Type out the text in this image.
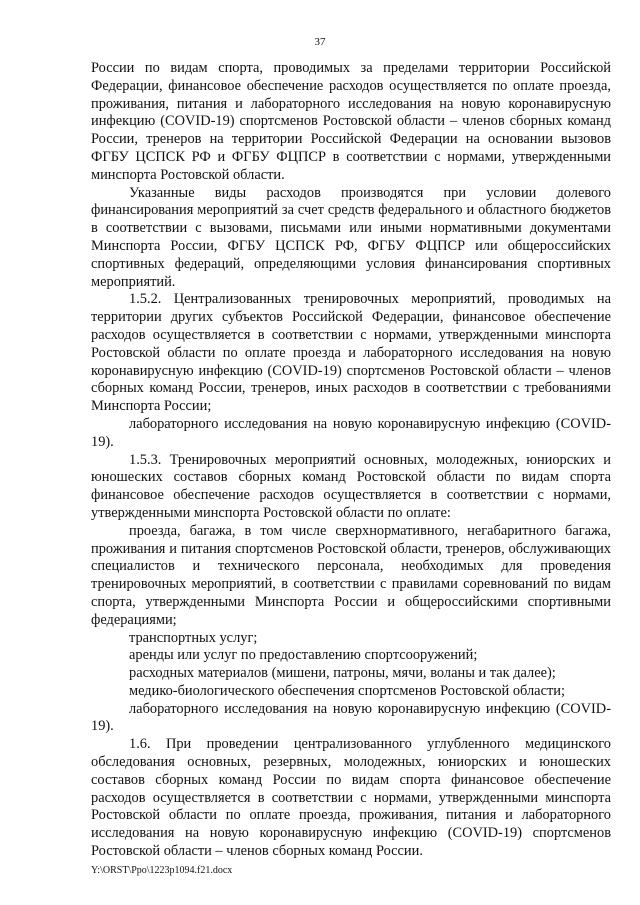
37

России по видам спорта, проводимых за пределами территории Российской Федерации, финансовое обеспечение расходов осуществляется по оплате проезда, проживания, питания и лабораторного исследования на новую коронавирусную инфекцию (COVID-19) спортсменов Ростовской области – членов сборных команд России, тренеров на территории Российской Федерации на основании вызовов ФГБУ ЦСПСК РФ и ФГБУ ФЦПСР в соответствии с нормами, утвержденными минспорта Ростовской области.

Указанные виды расходов производятся при условии долевого финансирования мероприятий за счет средств федерального и областного бюджетов в соответствии с вызовами, письмами или иными нормативными документами Минспорта России, ФГБУ ЦСПСК РФ, ФГБУ ФЦПСР или общероссийских спортивных федераций, определяющими условия финансирования спортивных мероприятий.

1.5.2. Централизованных тренировочных мероприятий, проводимых на территории других субъектов Российской Федерации, финансовое обеспечение расходов осуществляется в соответствии с нормами, утвержденными минспорта Ростовской области по оплате проезда и лабораторного исследования на новую коронавирусную инфекцию (COVID-19) спортсменов Ростовской области – членов сборных команд России, тренеров, иных расходов в соответствии с требованиями Минспорта России;

лабораторного исследования на новую коронавирусную инфекцию (COVID-19).

1.5.3. Тренировочных мероприятий основных, молодежных, юниорских и юношеских составов сборных команд Ростовской области по видам спорта финансовое обеспечение расходов осуществляется в соответствии с нормами, утвержденными минспорта Ростовской области по оплате:

проезда, багажа, в том числе сверхнормативного, негабаритного багажа, проживания и питания спортсменов Ростовской области, тренеров, обслуживающих специалистов и технического персонала, необходимых для проведения тренировочных мероприятий, в соответствии с правилами соревнований по видам спорта, утвержденными Минспорта России и общероссийскими спортивными федерациями;

транспортных услуг;

аренды или услуг по предоставлению спортсооружений;

расходных материалов (мишени, патроны, мячи, воланы и так далее);

медико-биологического обеспечения спортсменов Ростовской области;

лабораторного исследования на новую коронавирусную инфекцию (COVID-19).

1.6. При проведении централизованного углубленного медицинского обследования основных, резервных, молодежных, юниорских и юношеских составов сборных команд России по видам спорта финансовое обеспечение расходов осуществляется в соответствии с нормами, утвержденными минспорта Ростовской области по оплате проезда, проживания, питания и лабораторного исследования на новую коронавирусную инфекцию (COVID-19) спортсменов Ростовской области – членов сборных команд России.

Y:\ORST\Ppo\1223p1094.f21.docx
